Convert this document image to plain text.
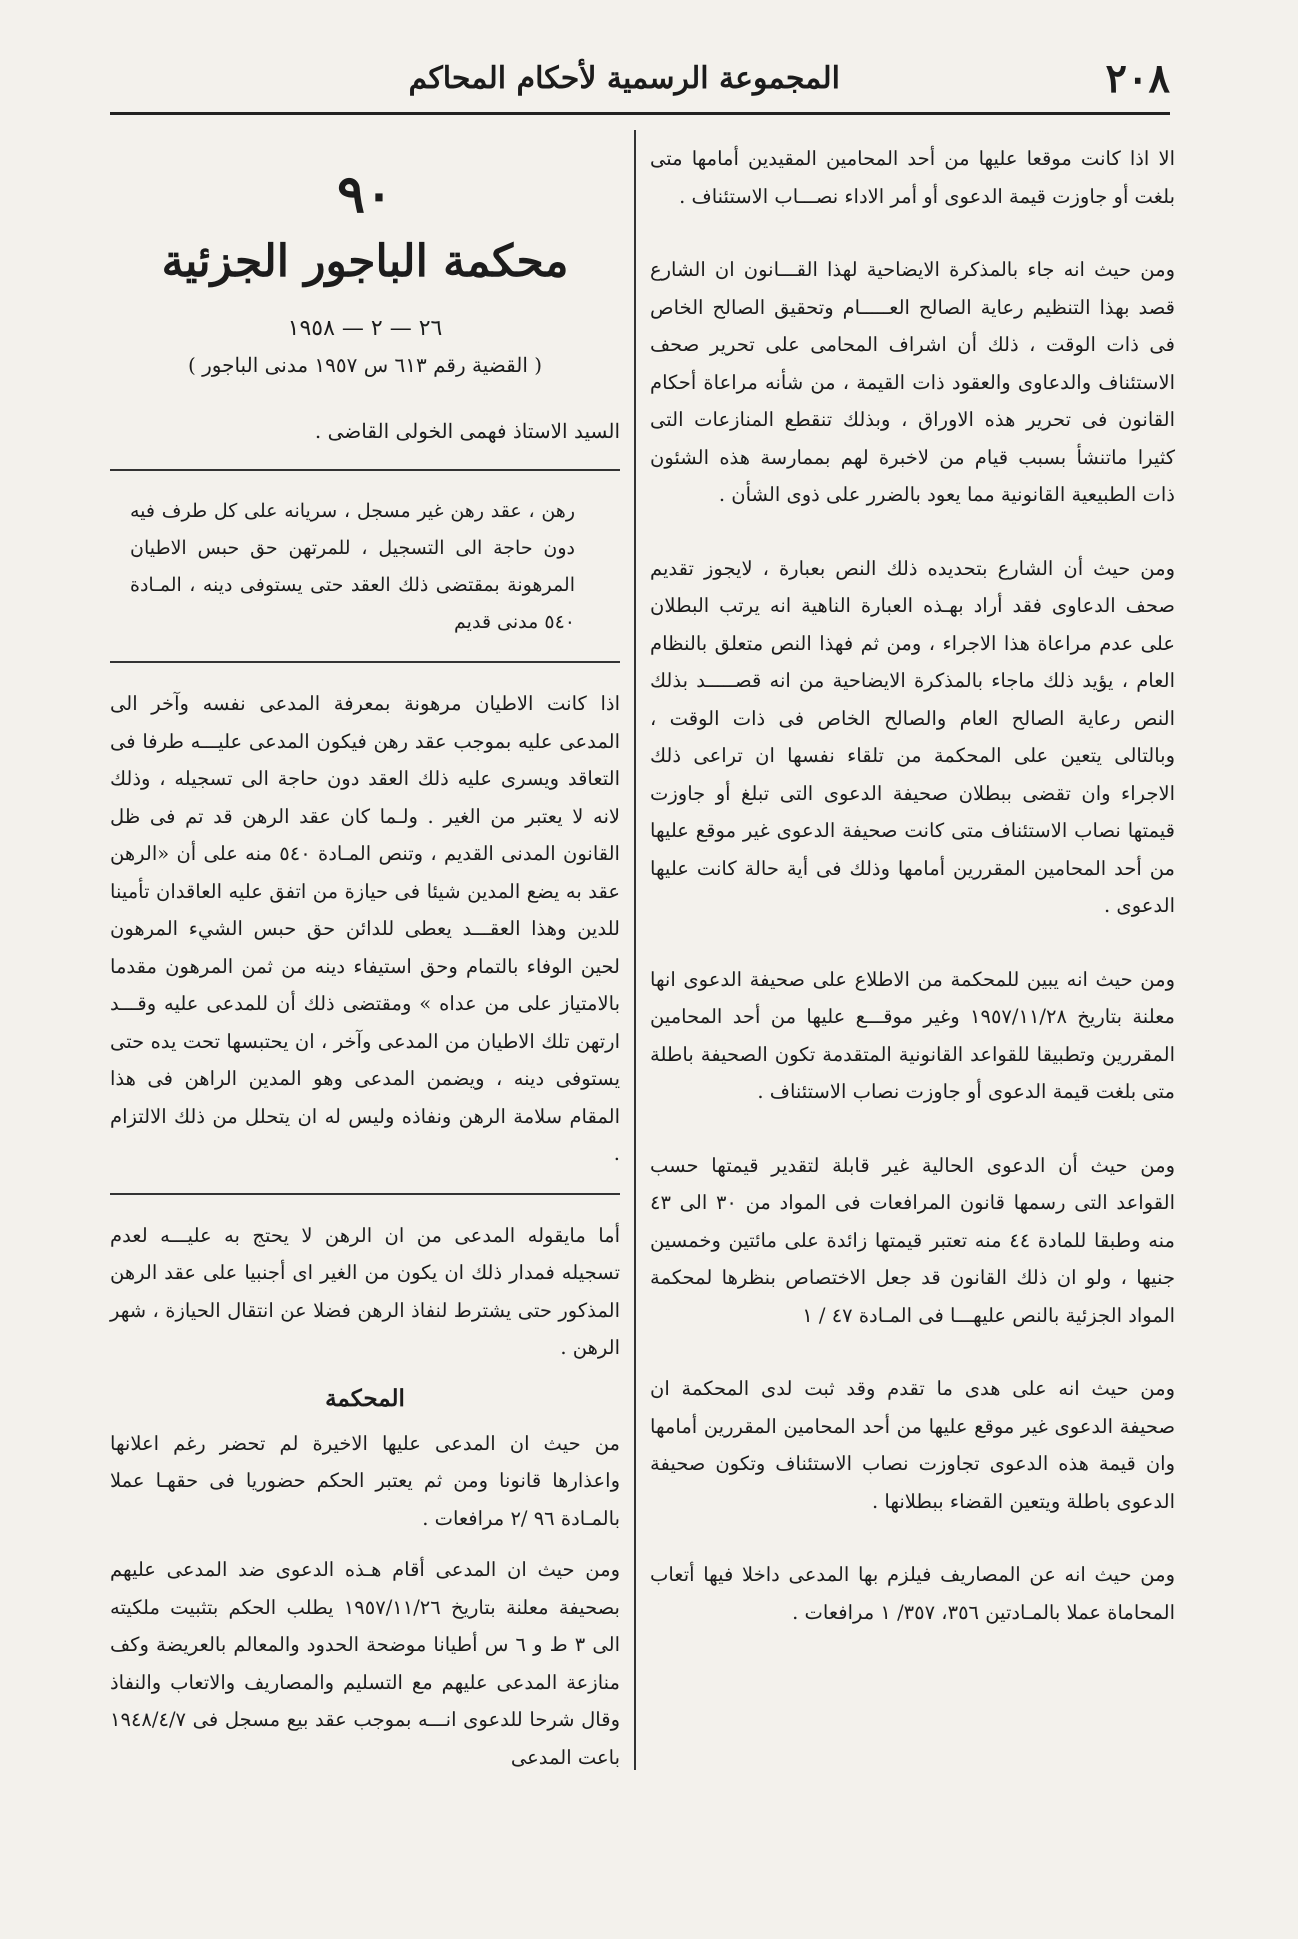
٢٠٨
المجموعة الرسمية لأحكام المحاكم

الا اذا كانت موقعا عليها من أحد المحامين المقيدين أمامها متى بلغت أو جاوزت قيمة الدعوى أو أمر الاداء نصـــاب الاستئناف .

ومن حيث انه جاء بالمذكرة الايضاحية لهذا القـــانون ان الشارع قصد بهذا التنظيم رعاية الصالح العـــــام وتحقيق الصالح الخاص فى ذات الوقت ، ذلك أن اشراف المحامى على تحرير صحف الاستئناف والدعاوى والعقود ذات القيمة ، من شأنه مراعاة أحكام القانون فى تحرير هذه الاوراق ، وبذلك تنقطع المنازعات التى كثيرا ماتنشأ بسبب قيام من لاخبرة لهم بممارسة هذه الشئون ذات الطبيعية القانونية مما يعود بالضرر على ذوى الشأن .

ومن حيث أن الشارع بتحديده ذلك النص بعبارة ، لايجوز تقديم صحف الدعاوى فقد أراد بهـذه العبارة الناهية انه يرتب البطلان على عدم مراعاة هذا الاجراء ، ومن ثم فهذا النص متعلق بالنظام العام ، يؤيد ذلك ماجاء بالمذكرة الايضاحية من انه قصـــــد بذلك النص رعاية الصالح العام والصالح الخاص فى ذات الوقت ، وبالتالى يتعين على المحكمة من تلقاء نفسها ان تراعى ذلك الاجراء وان تقضى ببطلان صحيفة الدعوى التى تبلغ أو جاوزت قيمتها نصاب الاستئناف متى كانت صحيفة الدعوى غير موقع عليها من أحد المحامين المقررين أمامها وذلك فى أية حالة كانت عليها الدعوى .

ومن حيث انه يبين للمحكمة من الاطلاع على صحيفة الدعوى انها معلنة بتاريخ ١٩٥٧/١١/٢٨ وغير موقـــع عليها من أحد المحامين المقررين وتطبيقا للقواعد القانونية المتقدمة تكون الصحيفة باطلة متى بلغت قيمة الدعوى أو جاوزت نصاب الاستئناف .

ومن حيث أن الدعوى الحالية غير قابلة لتقدير قيمتها حسب القواعد التى رسمها قانون المرافعات فى المواد من ٣٠ الى ٤٣ منه وطبقا للمادة ٤٤ منه تعتبر قيمتها زائدة على مائتين وخمسين جنيها ، ولو ان ذلك القانون قد جعل الاختصاص بنظرها لمحكمة المواد الجزئية بالنص عليهـــا فى المـادة ٤٧ / ١

ومن حيث انه على هدى ما تقدم وقد ثبت لدى المحكمة ان صحيفة الدعوى غير موقع عليها من أحد المحامين المقررين أمامها وان قيمة هذه الدعوى تجاوزت نصاب الاستئناف وتكون صحيفة الدعوى باطلة ويتعين القضاء ببطلانها .

ومن حيث انه عن المصاريف فيلزم بها المدعى داخلا فيها أتعاب المحاماة عملا بالمـادتين ٣٥٦، ٣٥٧/ ١ مرافعات .

٩٠
محكمة الباجور الجزئية
٢٦ — ٢ — ١٩٥٨
( القضية رقم ٦١٣ س ١٩٥٧ مدنى الباجور )
السيد الاستاذ فهمى الخولى القاضى .

رهن ، عقد رهن غير مسجل ، سريانه على كل طرف فيه دون حاجة الى التسجيل ، للمرتهن حق حبس الاطيان المرهونة بمقتضى ذلك العقد حتى يستوفى دينه ، المـادة ٥٤٠ مدنى قديم

اذا كانت الاطيان مرهونة بمعرفة المدعى نفسه وآخر الى المدعى عليه بموجب عقد رهن فيكون المدعى عليـــه طرفا فى التعاقد ويسرى عليه ذلك العقد دون حاجة الى تسجيله ، وذلك لانه لا يعتبر من الغير . ولـما كان عقد الرهن قد تم فى ظل القانون المدنى القديم ، وتنص المـادة ٥٤٠ منه على أن «الرهن عقد به يضع المدين شيئا فى حيازة من اتفق عليه العاقدان تأمينا للدين وهذا العقـــد يعطى للدائن حق حبس الشيء المرهون لحين الوفاء بالتمام وحق استيفاء دينه من ثمن المرهون مقدما بالامتياز على من عداه » ومقتضى ذلك أن للمدعى عليه وقـــد ارتهن تلك الاطيان من المدعى وآخر ، ان يحتبسها تحت يده حتى يستوفى دينه ، ويضمن المدعى وهو المدين الراهن فى هذا المقام سلامة الرهن ونفاذه وليس له ان يتحلل من ذلك الالتزام .

أما مايقوله المدعى من ان الرهن لا يحتج به عليـــه لعدم تسجيله فمدار ذلك ان يكون من الغير اى أجنبيا على عقد الرهن المذكور حتى يشترط لنفاذ الرهن فضلا عن انتقال الحيازة ، شهر الرهن .

المحكمة

من حيث ان المدعى عليها الاخيرة لم تحضر رغم اعلانها واعذارها قانونا ومن ثم يعتبر الحكم حضوريا فى حقهـا عملا بالمـادة ٩٦ /٢ مرافعات .

ومن حيث ان المدعى أقام هـذه الدعوى ضد المدعى عليهم بصحيفة معلنة بتاريخ ١٩٥٧/١١/٢٦ يطلب الحكم بتثبيت ملكيته الى ٣ ط و ٦ س أطيانا موضحة الحدود والمعالم بالعريضة وكف منازعة المدعى عليهم مع التسليم والمصاريف والاتعاب والنفاذ وقال شرحا للدعوى انـــه بموجب عقد بيع مسجل فى ١٩٤٨/٤/٧ باعت المدعى
